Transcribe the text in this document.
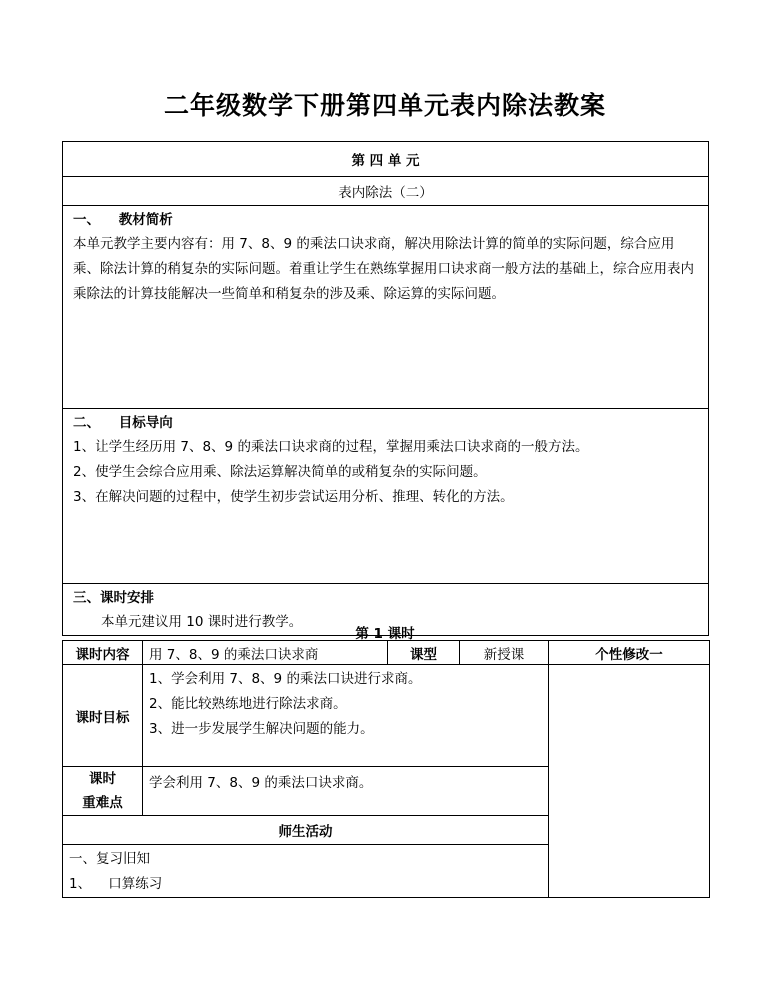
二年级数学下册第四单元表内除法教案
第 四 单 元
表内除法（二）

一、    教材简析
本单元教学主要内容有：用 7、8、9 的乘法口诀求商，解决用除法计算的简单的实际问题，综合应用乘、除法计算的稍复杂的实际问题。着重让学生在熟练掌握用口诀求商一般方法的基础上，综合应用表内乘除法的计算技能解决一些简单和稍复杂的涉及乘、除运算的实际问题。

二、    目标导向
1、让学生经历用 7、8、9 的乘法口诀求商的过程，掌握用乘法口诀求商的一般方法。
2、使学生会综合应用乘、除法运算解决简单的或稍复杂的实际问题。
3、在解决问题的过程中，使学生初步尝试运用分析、推理、转化的方法。

三、课时安排
本单元建议用 10 课时进行教学。
第 1 课时
课时内容	用 7、8、9 的乘法口诀求商	课型	新授课	个性修改一
课时目标	1、学会利用 7、8、9 的乘法口诀进行求商。
2、能比较熟练地进行除法求商。
3、进一步发展学生解决问题的能力。			

课时
重难点	学会利用 7、8、9 的乘法口诀求商。			
师生活动				

一、复习旧知
1、    口算练习				
